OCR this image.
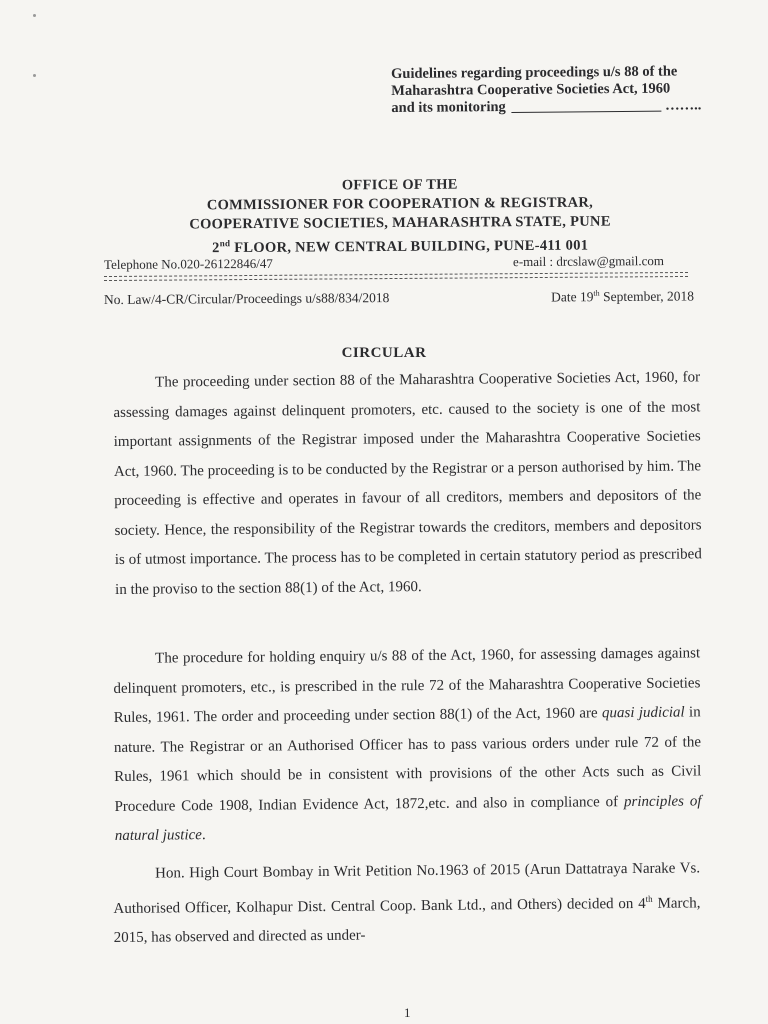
Guidelines regarding proceedings u/s 88 of the
Maharashtra Cooperative Societies Act, 1960
and its monitoring	……..
OFFICE OF THE
COMMISSIONER FOR COOPERATION & REGISTRAR,
COOPERATIVE SOCIETIES, MAHARASHTRA STATE, PUNE
2nd FLOOR, NEW CENTRAL BUILDING, PUNE-411 001
Telephone No.020-26122846/47	e-mail : drcslaw@gmail.com
No. Law/4-CR/Circular/Proceedings u/s88/834/2018	Date 19th September, 2018
CIRCULAR
The proceeding under section 88 of the Maharashtra Cooperative Societies Act, 1960, for assessing damages against delinquent promoters, etc. caused to the society is one of the most important assignments of the Registrar imposed under the Maharashtra Cooperative Societies Act, 1960. The proceeding is to be conducted by the Registrar or a person authorised by him. The proceeding is effective and operates in favour of all creditors, members and depositors of the society. Hence, the responsibility of the Registrar towards the creditors, members and depositors is of utmost importance. The process has to be completed in certain statutory period as prescribed in the proviso to the section 88(1) of the Act, 1960.
The procedure for holding enquiry u/s 88 of the Act, 1960, for assessing damages against delinquent promoters, etc., is prescribed in the rule 72 of the Maharashtra Cooperative Societies Rules, 1961. The order and proceeding under section 88(1) of the Act, 1960 are quasi judicial in nature. The Registrar or an Authorised Officer has to pass various orders under rule 72 of the Rules, 1961 which should be in consistent with provisions of the other Acts such as Civil Procedure Code 1908, Indian Evidence Act, 1872,etc. and also in compliance of principles of natural justice.
Hon. High Court Bombay in Writ Petition No.1963 of 2015 (Arun Dattatraya Narake Vs. Authorised Officer, Kolhapur Dist. Central Coop. Bank Ltd., and Others) decided on 4th March, 2015, has observed and directed as under-
1
